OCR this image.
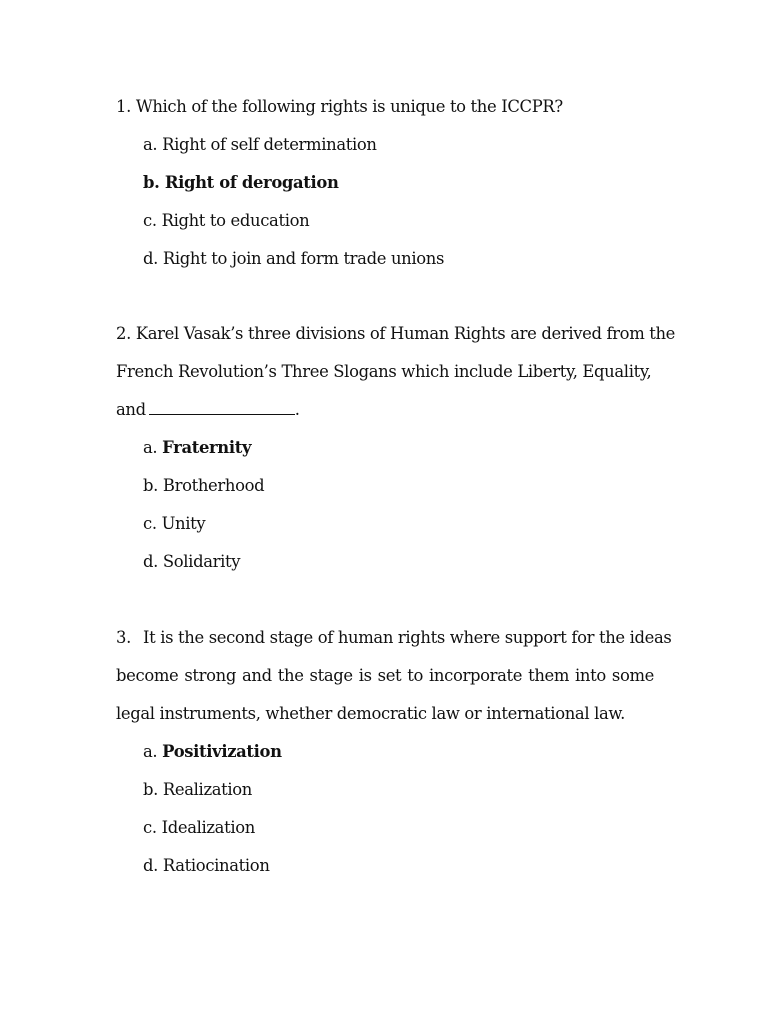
1. Which of the following rights is unique to the ICCPR?
a. Right of self determination
b. Right of derogation
c. Right to education
d. Right to join and form trade unions
2. Karel Vasak’s three divisions of Human Rights are derived from the
French Revolution’s Three Slogans which include Liberty, Equality,
and	.
a. Fraternity
b. Brotherhood
c. Unity
d. Solidarity
3. It is the second stage of human rights where support for the ideas
become strong and the stage is set to incorporate them into some
legal instruments, whether democratic law or international law.
a. Positivization
b. Realization
c. Idealization
d. Ratiocination
